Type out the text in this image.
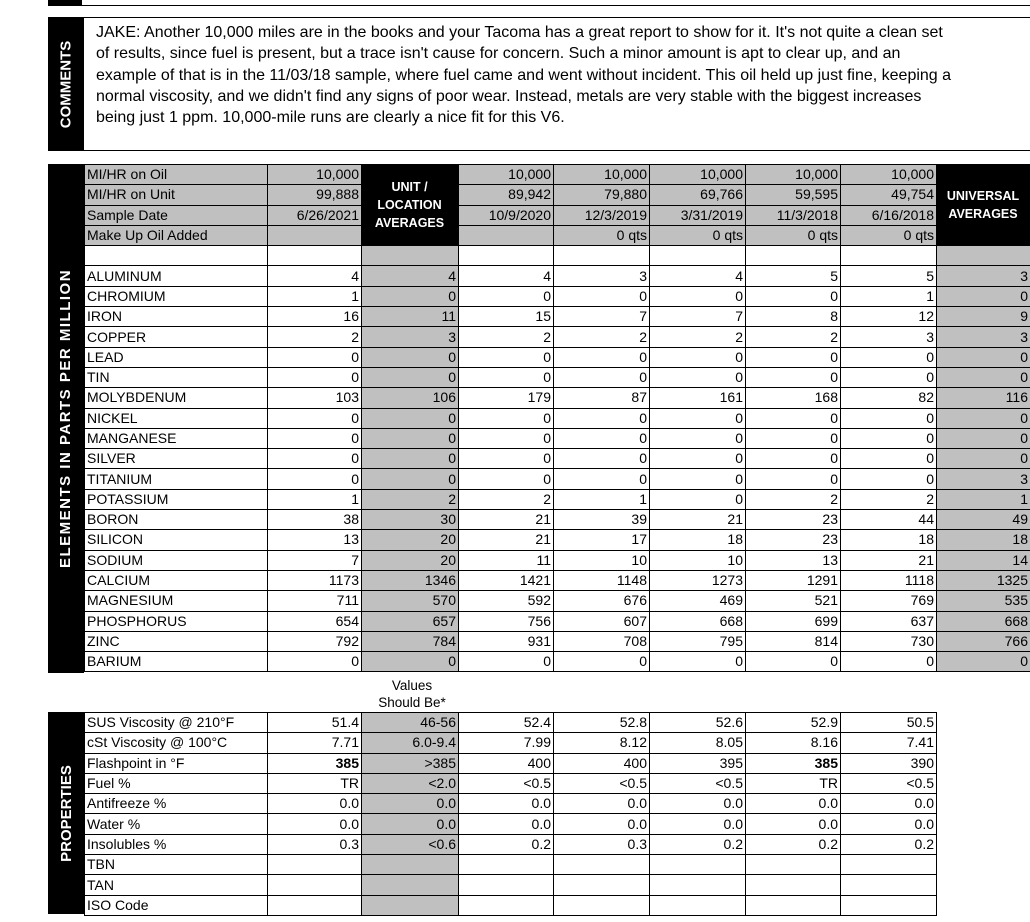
COMMENTS
JAKE: Another 10,000 miles are in the books and your Tacoma has a great report to show for it. It's not quite a clean set of results, since fuel is present, but a trace isn't cause for concern. Such a minor amount is apt to clear up, and an example of that is in the 11/03/18 sample, where fuel came and went without incident. This oil held up just fine, keeping a normal viscosity, and we didn't find any signs of poor wear. Instead, metals are very stable with the biggest increases being just 1 ppm. 10,000-mile runs are clearly a nice fit for this V6.
ELEMENTS IN PARTS PER MILLION
MI/HR on Oil	10,000		10,000	10,000	10,000	10,000	10,000	
MI/HR on Unit	99,888		89,942	79,880	69,766	59,595	49,754	
Sample Date	6/26/2021		10/9/2020	12/3/2019	3/31/2019	11/3/2018	6/16/2018	
Make Up Oil Added				0 qts	0 qts	0 qts	0 qts	

ALUMINUM	4	4	4	3	4	5	5	3
CHROMIUM	1	0	0	0	0	0	1	0
IRON	16	11	15	7	7	8	12	9
COPPER	2	3	2	2	2	2	3	3
LEAD	0	0	0	0	0	0	0	0
TIN	0	0	0	0	0	0	0	0
MOLYBDENUM	103	106	179	87	161	168	82	116
NICKEL	0	0	0	0	0	0	0	0
MANGANESE	0	0	0	0	0	0	0	0
SILVER	0	0	0	0	0	0	0	0
TITANIUM	0	0	0	0	0	0	0	3
POTASSIUM	1	2	2	1	0	2	2	1
BORON	38	30	21	39	21	23	44	49
SILICON	13	20	21	17	18	23	18	18
SODIUM	7	20	11	10	10	13	21	14
CALCIUM	1173	1346	1421	1148	1273	1291	1118	1325
MAGNESIUM	711	570	592	676	469	521	769	535
PHOSPHORUS	654	657	756	607	668	699	637	668
ZINC	792	784	931	708	795	814	730	766
BARIUM	0	0	0	0	0	0	0	0
UNIT /
LOCATION
AVERAGES
UNIVERSAL
AVERAGES
Values
Should Be*
PROPERTIES
SUS Viscosity @ 210°F	51.4	46-56	52.4	52.8	52.6	52.9	50.5
cSt Viscosity @ 100°C	7.71	6.0-9.4	7.99	8.12	8.05	8.16	7.41
Flashpoint in °F	385	>385	400	400	395	385	390
Fuel %	TR	<2.0	<0.5	<0.5	<0.5	TR	<0.5
Antifreeze %	0.0	0.0	0.0	0.0	0.0	0.0	0.0
Water %	0.0	0.0	0.0	0.0	0.0	0.0	0.0
Insolubles %	0.3	<0.6	0.2	0.3	0.2	0.2	0.2
TBN							
TAN							
ISO Code							
